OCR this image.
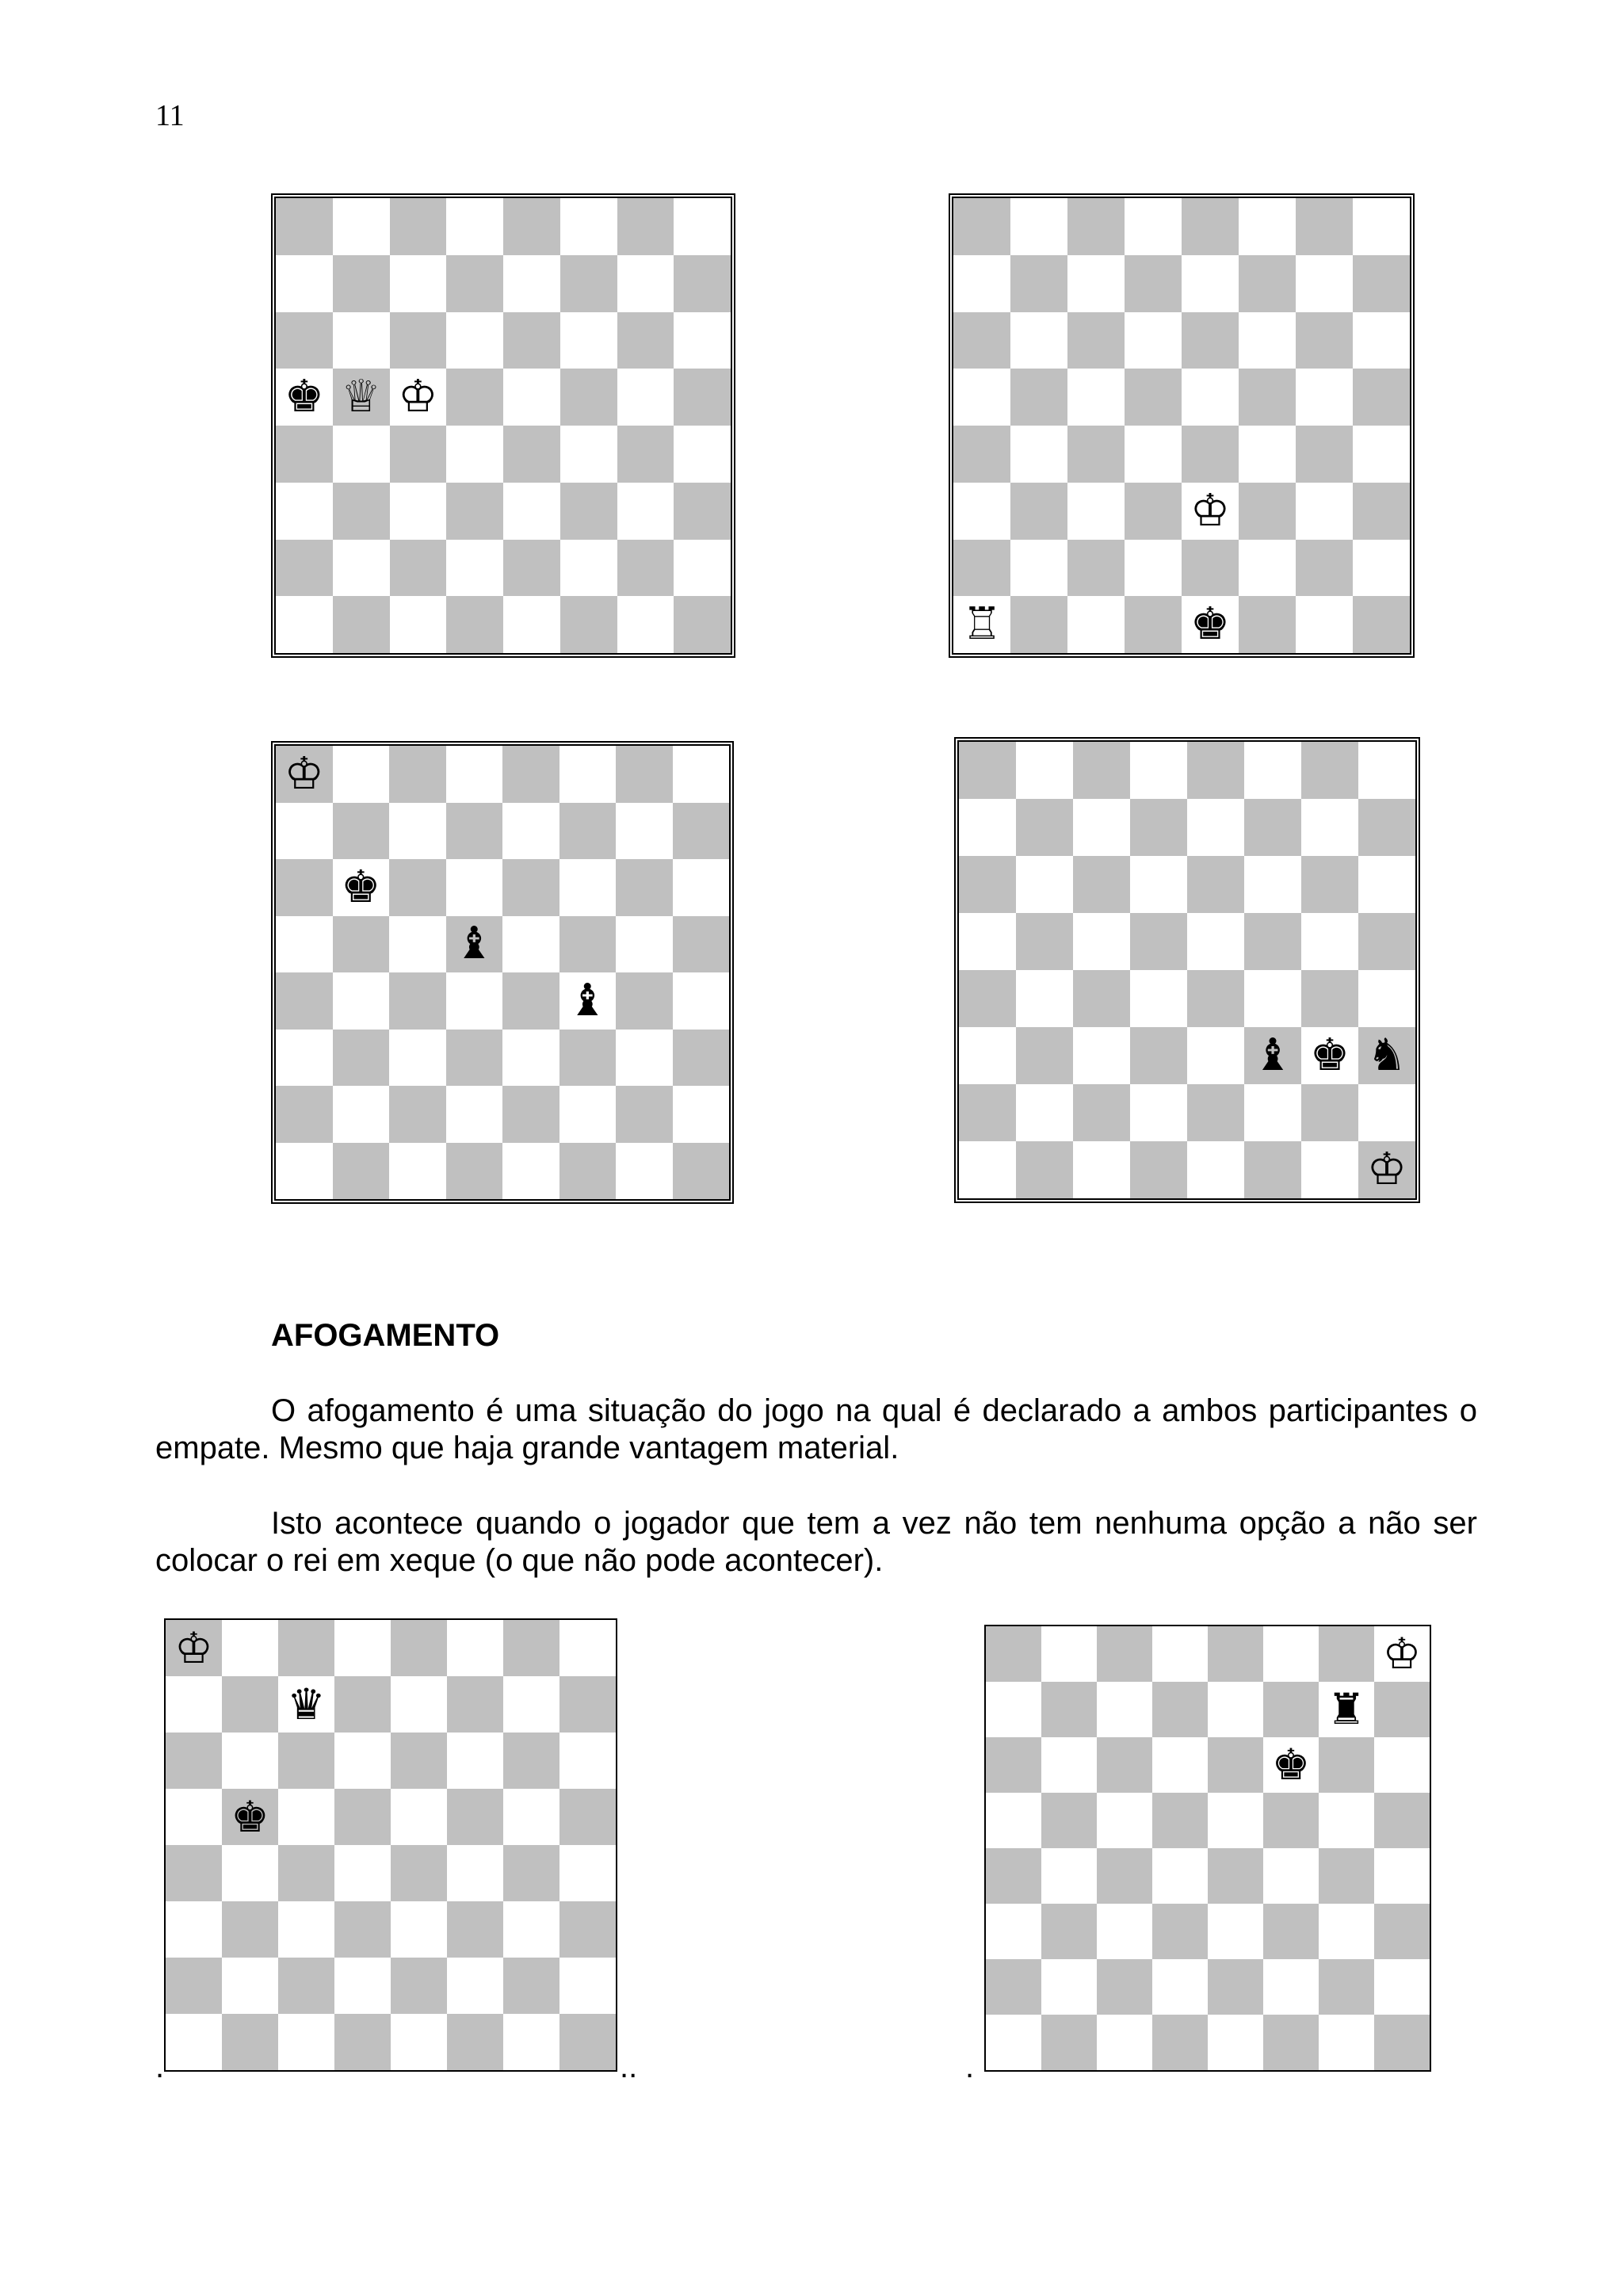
11
♚ ♕ ♔
♔
♖	♚
♔
♚
♝
♝
♝ ♚ ♞
♔
AFOGAMENTO

O afogamento é uma situação do jogo na qual é declarado a ambos participantes o empate. Mesmo que haja grande vantagem material.

Isto acontece quando o jogador que tem a vez não tem nenhuma opção a não ser colocar o rei em xeque (o que não pode acontecer).

♔
♛
♚
♔
♜
♚
.	..	.
